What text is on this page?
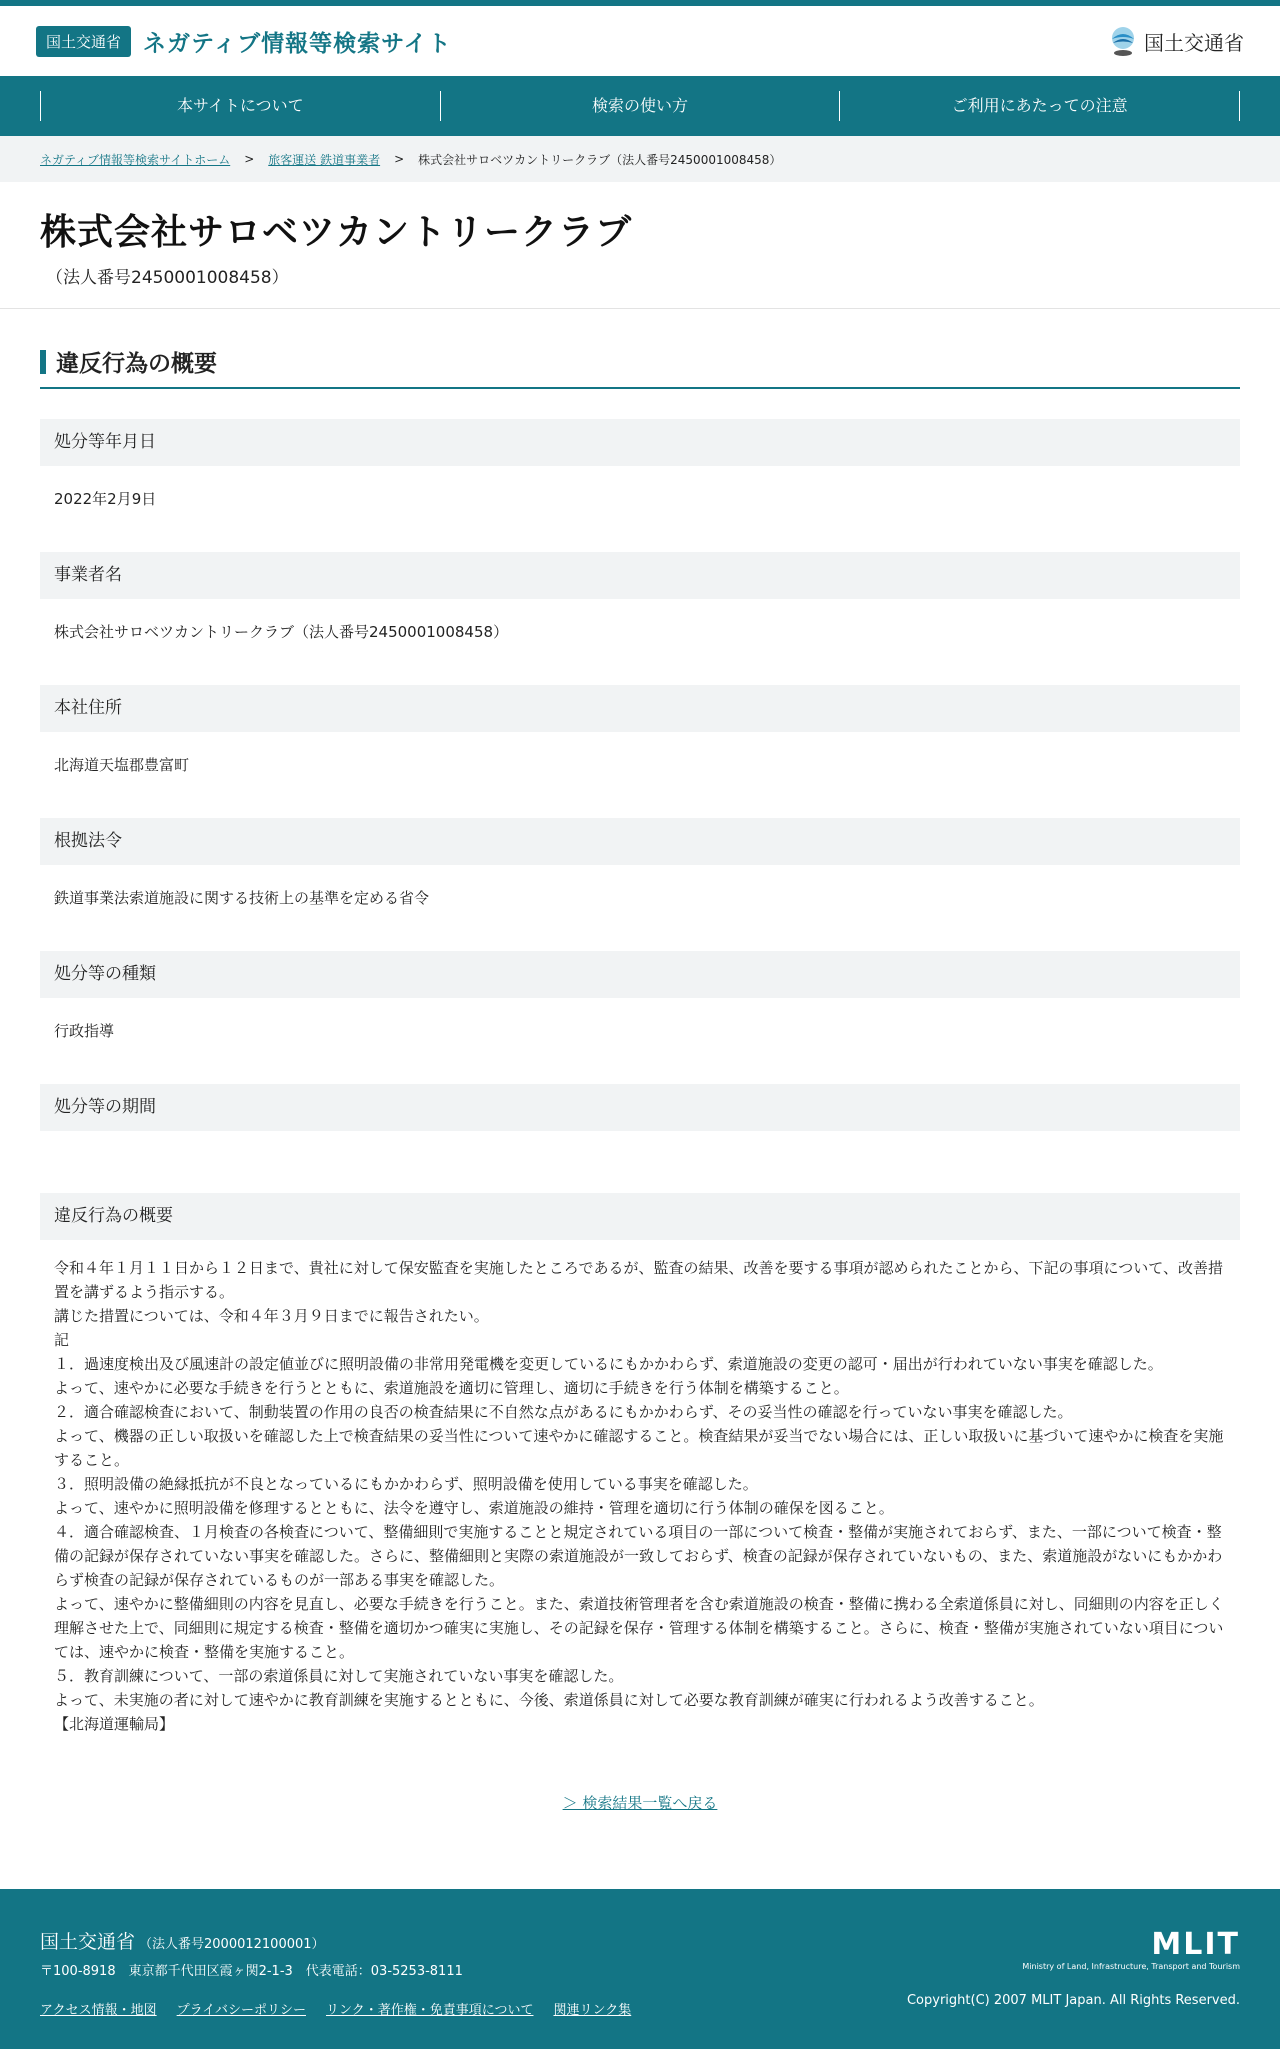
国土交通省 ネガティブ情報等検索サイト	国土交通省
本サイトについて	検索の使い方	ご利用にあたっての注意
ネガティブ情報等検索サイトホーム > 旅客運送 鉄道事業者 > 株式会社サロベツカントリークラブ（法人番号2450001008458）
株式会社サロベツカントリークラブ
（法人番号2450001008458）
違反行為の概要
処分等年月日
2022年2月9日
事業者名
株式会社サロベツカントリークラブ（法人番号2450001008458）
本社住所
北海道天塩郡豊富町
根拠法令
鉄道事業法索道施設に関する技術上の基準を定める省令
処分等の種類
行政指導
処分等の期間
違反行為の概要

令和４年１月１１日から１２日まで、貴社に対して保安監査を実施したところであるが、監査の結果、改善を要する事項が認められたことから、下記の事項について、改善措置を講ずるよう指示する。

講じた措置については、令和４年３月９日までに報告されたい。

記

１．過速度検出及び風速計の設定値並びに照明設備の非常用発電機を変更しているにもかかわらず、索道施設の変更の認可・届出が行われていない事実を確認した。

よって、速やかに必要な手続きを行うとともに、索道施設を適切に管理し、適切に手続きを行う体制を構築すること。

２．適合確認検査において、制動装置の作用の良否の検査結果に不自然な点があるにもかかわらず、その妥当性の確認を行っていない事実を確認した。

よって、機器の正しい取扱いを確認した上で検査結果の妥当性について速やかに確認すること。検査結果が妥当でない場合には、正しい取扱いに基づいて速やかに検査を実施すること。

３．照明設備の絶縁抵抗が不良となっているにもかかわらず、照明設備を使用している事実を確認した。

よって、速やかに照明設備を修理するとともに、法令を遵守し、索道施設の維持・管理を適切に行う体制の確保を図ること。

４．適合確認検査、１月検査の各検査について、整備細則で実施することと規定されている項目の一部について検査・整備が実施されておらず、また、一部について検査・整備の記録が保存されていない事実を確認した。さらに、整備細則と実際の索道施設が一致しておらず、検査の記録が保存されていないもの、また、索道施設がないにもかかわらず検査の記録が保存されているものが一部ある事実を確認した。

よって、速やかに整備細則の内容を見直し、必要な手続きを行うこと。また、索道技術管理者を含む索道施設の検査・整備に携わる全索道係員に対し、同細則の内容を正しく理解させた上で、同細則に規定する検査・整備を適切かつ確実に実施し、その記録を保存・管理する体制を構築すること。さらに、検査・整備が実施されていない項目については、速やかに検査・整備を実施すること。

５．教育訓練について、一部の索道係員に対して実施されていない事実を確認した。

よって、未実施の者に対して速やかに教育訓練を実施するとともに、今後、索道係員に対して必要な教育訓練が確実に行われるよう改善すること。

【北海道運輸局】

＞ 検索結果一覧へ戻る
国土交通省 （法人番号2000012100001）
〒100-8918　東京都千代田区霞ヶ関2-1-3　代表電話：03-5253-8111
アクセス情報・地図 プライバシーポリシー リンク・著作権・免責事項について 関連リンク集
MLIT
Ministry of Land, Infrastructure, Transport and Tourism
Copyright(C) 2007 MLIT Japan. All Rights Reserved.
